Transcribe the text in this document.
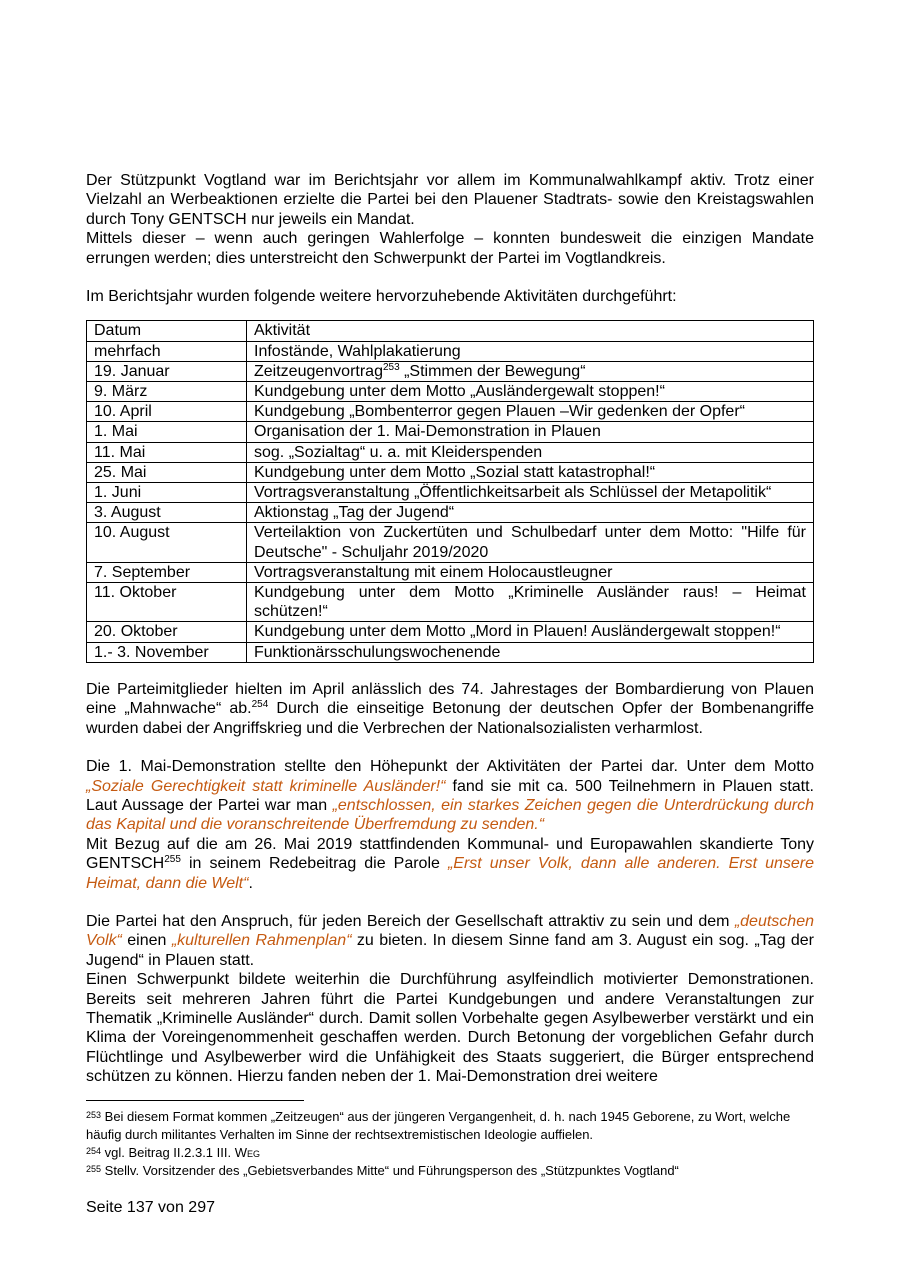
Der Stützpunkt Vogtland war im Berichtsjahr vor allem im Kommunalwahlkampf aktiv. Trotz einer Vielzahl an Werbeaktionen erzielte die Partei bei den Plauener Stadtrats- sowie den Kreistagswahlen durch Tony GENTSCH nur jeweils ein Mandat.

Mittels dieser – wenn auch geringen Wahlerfolge – konnten bundesweit die einzigen Mandate errungen werden; dies unterstreicht den Schwerpunkt der Partei im Vogtlandkreis.

Im Berichtsjahr wurden folgende weitere hervorzuhebende Aktivitäten durchgeführt:

Datum	Aktivität
mehrfach	Infostände, Wahlplakatierung
19. Januar	Zeitzeugenvortrag$^{253}$ „Stimmen der Bewegung“
9. März	Kundgebung unter dem Motto „Ausländergewalt stoppen!“
10. April	Kundgebung „Bombenterror gegen Plauen –Wir gedenken der Opfer“
1. Mai	Organisation der 1. Mai-Demonstration in Plauen
11. Mai	sog. „Sozialtag“ u. a. mit Kleiderspenden
25. Mai	Kundgebung unter dem Motto „Sozial statt katastrophal!“
1. Juni	Vortragsveranstaltung „Öffentlichkeitsarbeit als Schlüssel der Metapolitik“
3. August	Aktionstag „Tag der Jugend“
10. August	Verteilaktion von Zuckertüten und Schulbedarf unter dem Motto: "Hilfe für Deutsche" - Schuljahr 2019/2020
7. September	Vortragsveranstaltung mit einem Holocaustleugner
11. Oktober	Kundgebung unter dem Motto „Kriminelle Ausländer raus! – Heimat schützen!“
20. Oktober	Kundgebung unter dem Motto „Mord in Plauen! Ausländergewalt stoppen!“
1.- 3. November	Funktionärsschulungswochenende

Die Parteimitglieder hielten im April anlässlich des 74. Jahrestages der Bombardierung von Plauen eine „Mahnwache“ ab.$^{254}$ Durch die einseitige Betonung der deutschen Opfer der Bombenangriffe wurden dabei der Angriffskrieg und die Verbrechen der Nationalsozialisten verharmlost.

Die 1. Mai-Demonstration stellte den Höhepunkt der Aktivitäten der Partei dar. Unter dem Motto „Soziale Gerechtigkeit statt kriminelle Ausländer!“ fand sie mit ca. 500 Teilnehmern in Plauen statt. Laut Aussage der Partei war man „entschlossen, ein starkes Zeichen gegen die Unterdrückung durch das Kapital und die voranschreitende Überfremdung zu senden.“

Mit Bezug auf die am 26. Mai 2019 stattfindenden Kommunal- und Europawahlen skandierte Tony GENTSCH$^{255}$ in seinem Redebeitrag die Parole „Erst unser Volk, dann alle anderen. Erst unsere Heimat, dann die Welt“.

Die Partei hat den Anspruch, für jeden Bereich der Gesellschaft attraktiv zu sein und dem „deutschen Volk“ einen „kulturellen Rahmenplan“ zu bieten. In diesem Sinne fand am 3. August ein sog. „Tag der Jugend“ in Plauen statt.

Einen Schwerpunkt bildete weiterhin die Durchführung asylfeindlich motivierter Demonstrationen. Bereits seit mehreren Jahren führt die Partei Kundgebungen und andere Veranstaltungen zur Thematik „Kriminelle Ausländer“ durch. Damit sollen Vorbehalte gegen Asylbewerber verstärkt und ein Klima der Voreingenommenheit geschaffen werden. Durch Betonung der vorgeblichen Gefahr durch Flüchtlinge und Asylbewerber wird die Unfähigkeit des Staats suggeriert, die Bürger entsprechend schützen zu können. Hierzu fanden neben der 1. Mai-Demonstration drei weitere

$^{253}$ Bei diesem Format kommen „Zeitzeugen“ aus der jüngeren Vergangenheit, d. h. nach 1945 Geborene, zu Wort, welche häufig durch militantes Verhalten im Sinne der rechtsextremistischen Ideologie auffielen.

$^{254}$ vgl. Beitrag II.2.3.1 III. Weg

$^{255}$ Stellv. Vorsitzender des „Gebietsverbandes Mitte“ und Führungsperson des „Stützpunktes Vogtland“

Seite 137 von 297
